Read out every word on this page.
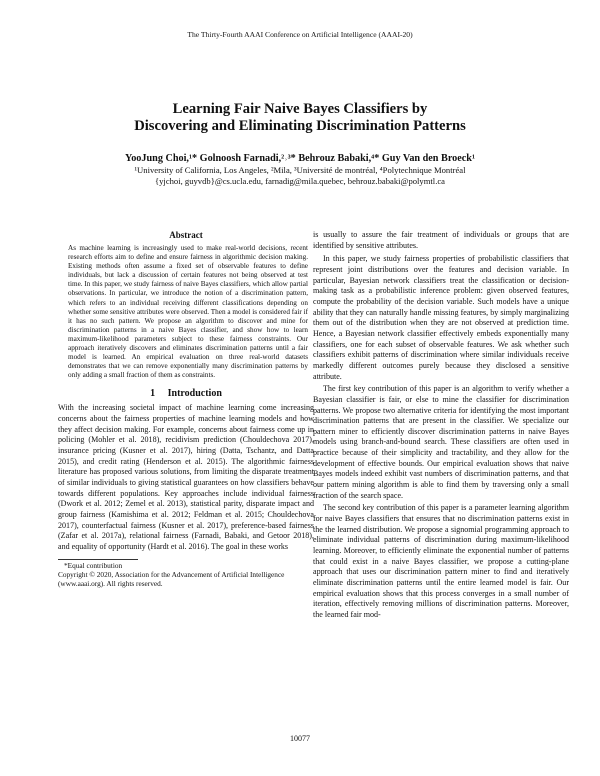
The Thirty-Fourth AAAI Conference on Artificial Intelligence (AAAI-20)
Learning Fair Naive Bayes Classifiers by
Discovering and Eliminating Discrimination Patterns
YooJung Choi,¹* Golnoosh Farnadi,²˒³* Behrouz Babaki,⁴* Guy Van den Broeck¹
¹University of California, Los Angeles, ²Mila, ³Université de montréal, ⁴Polytechnique Montréal
{yjchoi, guyvdb}@cs.ucla.edu, farnadig@mila.quebec, behrouz.babaki@polymtl.ca
Abstract
As machine learning is increasingly used to make real-world decisions, recent research efforts aim to define and ensure fairness in algorithmic decision making. Existing methods often assume a fixed set of observable features to define individuals, but lack a discussion of certain features not being observed at test time. In this paper, we study fairness of naive Bayes classifiers, which allow partial observations. In particular, we introduce the notion of a discrimination pattern, which refers to an individual receiving different classifications depending on whether some sensitive attributes were observed. Then a model is considered fair if it has no such pattern. We propose an algorithm to discover and mine for discrimination patterns in a naive Bayes classifier, and show how to learn maximum-likelihood parameters subject to these fairness constraints. Our approach iteratively discovers and eliminates discrimination patterns until a fair model is learned. An empirical evaluation on three real-world datasets demonstrates that we can remove exponentially many discrimination patterns by only adding a small fraction of them as constraints.
1     Introduction

With the increasing societal impact of machine learning come increasing concerns about the fairness properties of machine learning models and how they affect decision making. For example, concerns about fairness come up in policing (Mohler et al. 2018), recidivism prediction (Chouldechova 2017), insurance pricing (Kusner et al. 2017), hiring (Datta, Tschantz, and Datta 2015), and credit rating (Henderson et al. 2015). The algorithmic fairness literature has proposed various solutions, from limiting the disparate treatment of similar individuals to giving statistical guarantees on how classifiers behave towards different populations. Key approaches include individual fairness (Dwork et al. 2012; Zemel et al. 2013), statistical parity, disparate impact and group fairness (Kamishima et al. 2012; Feldman et al. 2015; Chouldechova 2017), counterfactual fairness (Kusner et al. 2017), preference-based fairness (Zafar et al. 2017a), relational fairness (Farnadi, Babaki, and Getoor 2018), and equality of opportunity (Hardt et al. 2016). The goal in these works

*Equal contribution
Copyright © 2020, Association for the Advancement of Artificial Intelligence (www.aaai.org). All rights reserved.

is usually to assure the fair treatment of individuals or groups that are identified by sensitive attributes.

In this paper, we study fairness properties of probabilistic classifiers that represent joint distributions over the features and decision variable. In particular, Bayesian network classifiers treat the classification or decision-making task as a probabilistic inference problem: given observed features, compute the probability of the decision variable. Such models have a unique ability that they can naturally handle missing features, by simply marginalizing them out of the distribution when they are not observed at prediction time. Hence, a Bayesian network classifier effectively embeds exponentially many classifiers, one for each subset of observable features. We ask whether such classifiers exhibit patterns of discrimination where similar individuals receive markedly different outcomes purely because they disclosed a sensitive attribute.

The first key contribution of this paper is an algorithm to verify whether a Bayesian classifier is fair, or else to mine the classifier for discrimination patterns. We propose two alternative criteria for identifying the most important discrimination patterns that are present in the classifier. We specialize our pattern miner to efficiently discover discrimination patterns in naive Bayes models using branch-and-bound search. These classifiers are often used in practice because of their simplicity and tractability, and they allow for the development of effective bounds. Our empirical evaluation shows that naive Bayes models indeed exhibit vast numbers of discrimination patterns, and that our pattern mining algorithm is able to find them by traversing only a small fraction of the search space.

The second key contribution of this paper is a parameter learning algorithm for naive Bayes classifiers that ensures that no discrimination patterns exist in the the learned distribution. We propose a signomial programming approach to eliminate individual patterns of discrimination during maximum-likelihood learning. Moreover, to efficiently eliminate the exponential number of patterns that could exist in a naive Bayes classifier, we propose a cutting-plane approach that uses our discrimination pattern miner to find and iteratively eliminate discrimination patterns until the entire learned model is fair. Our empirical evaluation shows that this process converges in a small number of iteration, effectively removing millions of discrimination patterns. Moreover, the learned fair mod-

10077
